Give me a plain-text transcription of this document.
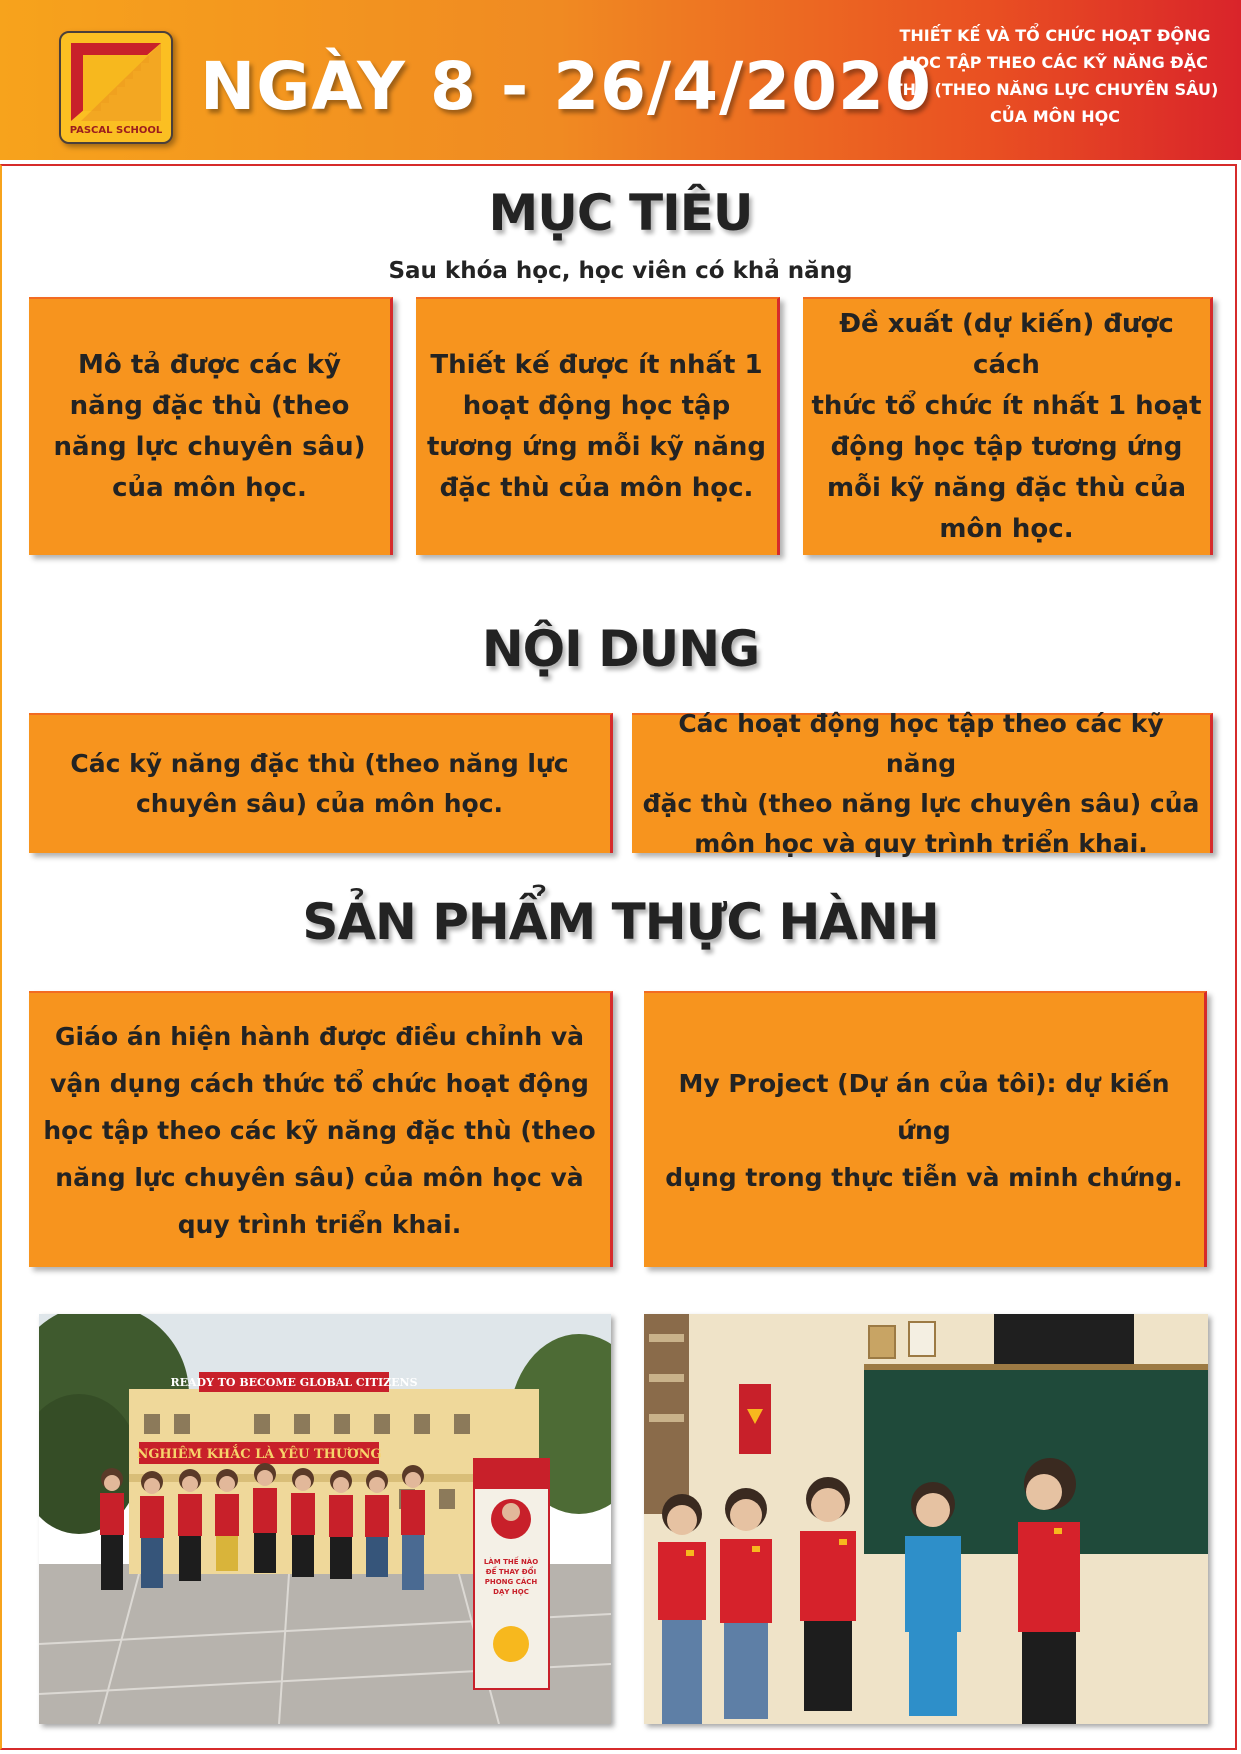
PASCAL SCHOOL
NGÀY 8 - 26/4/2020
THIẾT KẾ VÀ TỔ CHỨC HOẠT ĐỘNG
HỌC TẬP THEO CÁC KỸ NĂNG ĐẶC
THÙ (THEO NĂNG LỰC CHUYÊN SÂU)
CỦA MÔN HỌC
MỤC TIÊU
Sau khóa học, học viên có khả năng
Mô tả được các kỹ
năng đặc thù (theo
năng lực chuyên sâu)
của môn học.
Thiết kế được ít nhất 1
hoạt động học tập
tương ứng mỗi kỹ năng
đặc thù của môn học.
Đề xuất (dự kiến) được cách
thức tổ chức ít nhất 1 hoạt
động học tập tương ứng
mỗi kỹ năng đặc thù của
môn học.
NỘI DUNG
Các kỹ năng đặc thù (theo năng lực
chuyên sâu) của môn học.
Các hoạt động học tập theo các kỹ năng
đặc thù (theo năng lực chuyên sâu) của
môn học và quy trình triển khai.
SẢN PHẨM THỰC HÀNH
Giáo án hiện hành được điều chỉnh và
vận dụng cách thức tổ chức hoạt động
học tập theo các kỹ năng đặc thù (theo
năng lực chuyên sâu) của môn học và
quy trình triển khai.
My Project (Dự án của tôi): dự kiến ứng
dụng trong thực tiễn và minh chứng.
READY TO BECOME GLOBAL CITIZENS
NGHIÊM KHẮC LÀ YÊU THƯƠNG
LÀM THẾ NÀO
ĐỂ THAY ĐỔI
PHONG CÁCH
DẠY HỌC
